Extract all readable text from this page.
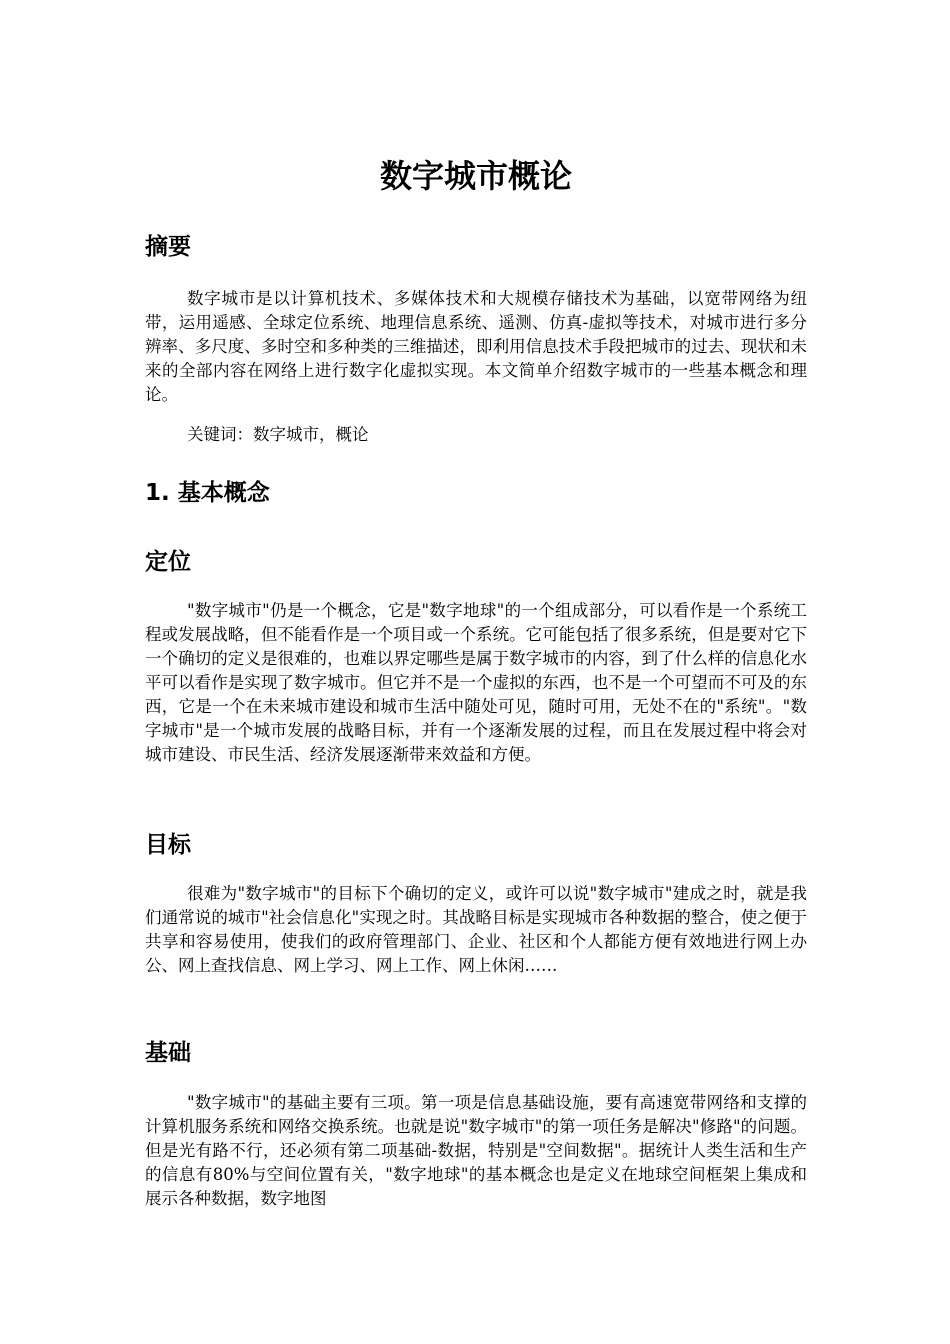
数字城市概论
摘要

数字城市是以计算机技术、多媒体技术和大规模存储技术为基础，以宽带网络为纽带，运用遥感、全球定位系统、地理信息系统、遥测、仿真-虚拟等技术，对城市进行多分辨率、多尺度、多时空和多种类的三维描述，即利用信息技术手段把城市的过去、现状和未来的全部内容在网络上进行数字化虚拟实现。本文简单介绍数字城市的一些基本概念和理论。

关键词：数字城市，概论

1. 基本概念
定位

"数字城市"仍是一个概念，它是"数字地球"的一个组成部分，可以看作是一个系统工程或发展战略，但不能看作是一个项目或一个系统。它可能包括了很多系统，但是要对它下一个确切的定义是很难的，也难以界定哪些是属于数字城市的内容，到了什么样的信息化水平可以看作是实现了数字城市。但它并不是一个虚拟的东西，也不是一个可望而不可及的东西，它是一个在未来城市建设和城市生活中随处可见，随时可用，无处不在的"系统"。"数字城市"是一个城市发展的战略目标，并有一个逐渐发展的过程，而且在发展过程中将会对城市建设、市民生活、经济发展逐渐带来效益和方便。

目标

很难为"数字城市"的目标下个确切的定义，或许可以说"数字城市"建成之时，就是我们通常说的城市"社会信息化"实现之时。其战略目标是实现城市各种数据的整合，使之便于共享和容易使用，使我们的政府管理部门、企业、社区和个人都能方便有效地进行网上办公、网上查找信息、网上学习、网上工作、网上休闲……

基础

"数字城市"的基础主要有三项。第一项是信息基础设施，要有高速宽带网络和支撑的计算机服务系统和网络交换系统。也就是说"数字城市"的第一项任务是解决"修路"的问题。但是光有路不行，还必须有第二项基础-数据，特别是"空间数据"。据统计人类生活和生产的信息有80%与空间位置有关，"数字地球"的基本概念也是定义在地球空间框架上集成和展示各种数据，数字地图
